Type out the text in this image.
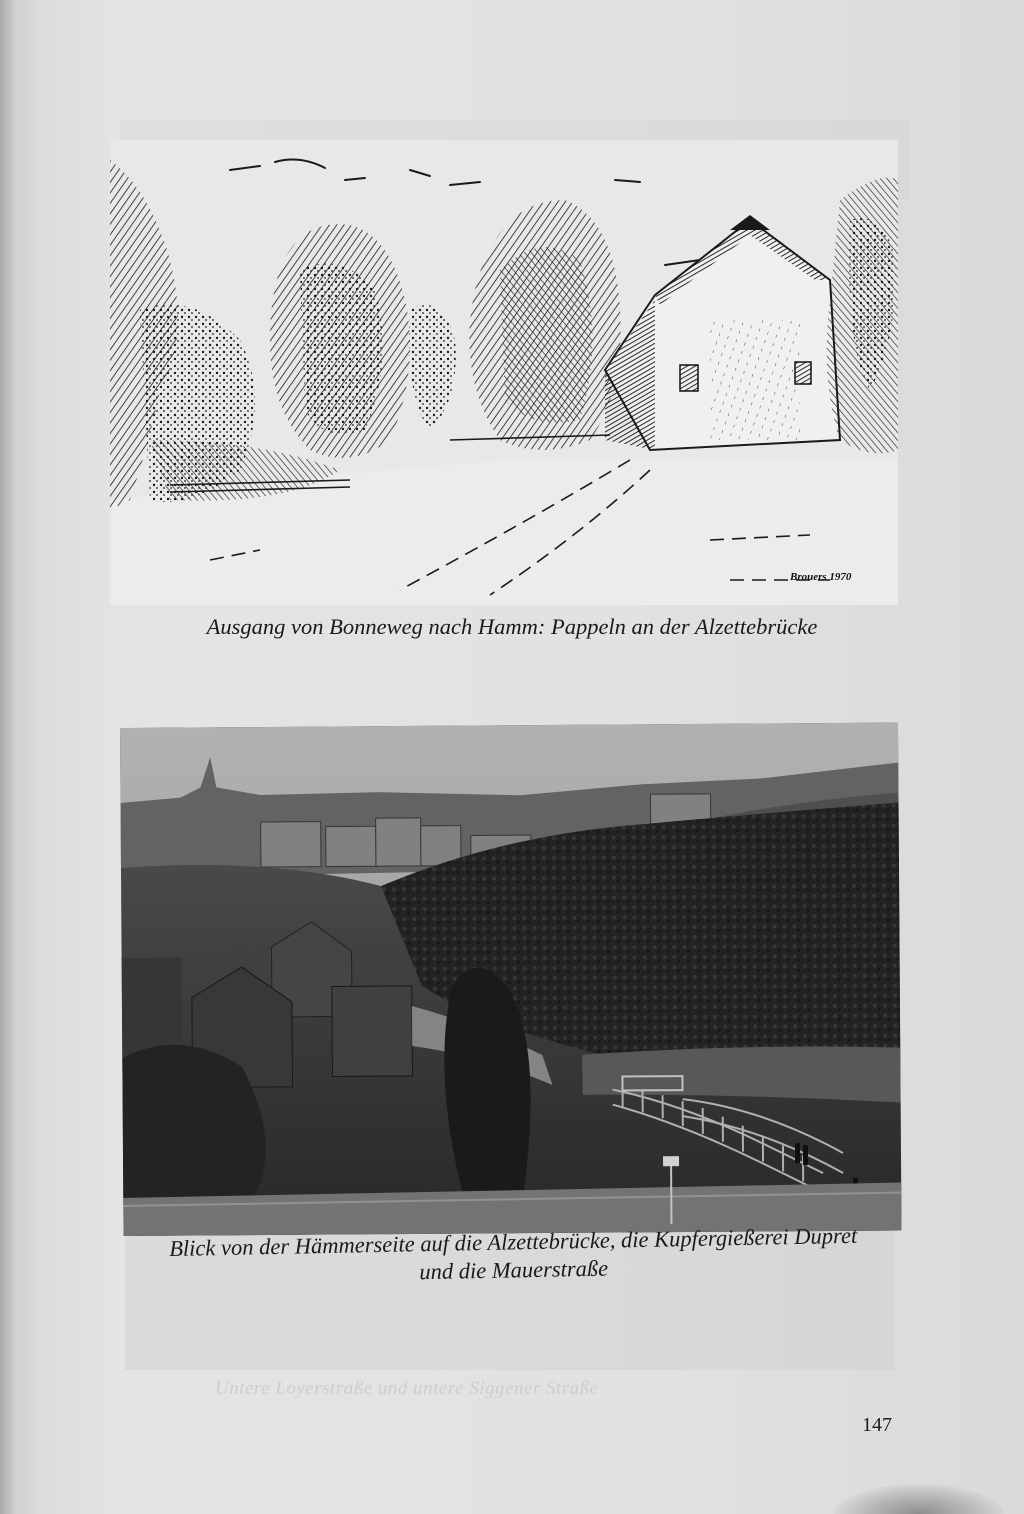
Brouers 1970
Ausgang von Bonneweg nach Hamm: Pappeln an der Alzettebrücke
Blick von der Hämmerseite auf die Alzettebrücke, die Kupfergießerei Dupret
und die Mauerstraße
Untere Loyerstraße und untere Siggener Straße
147
